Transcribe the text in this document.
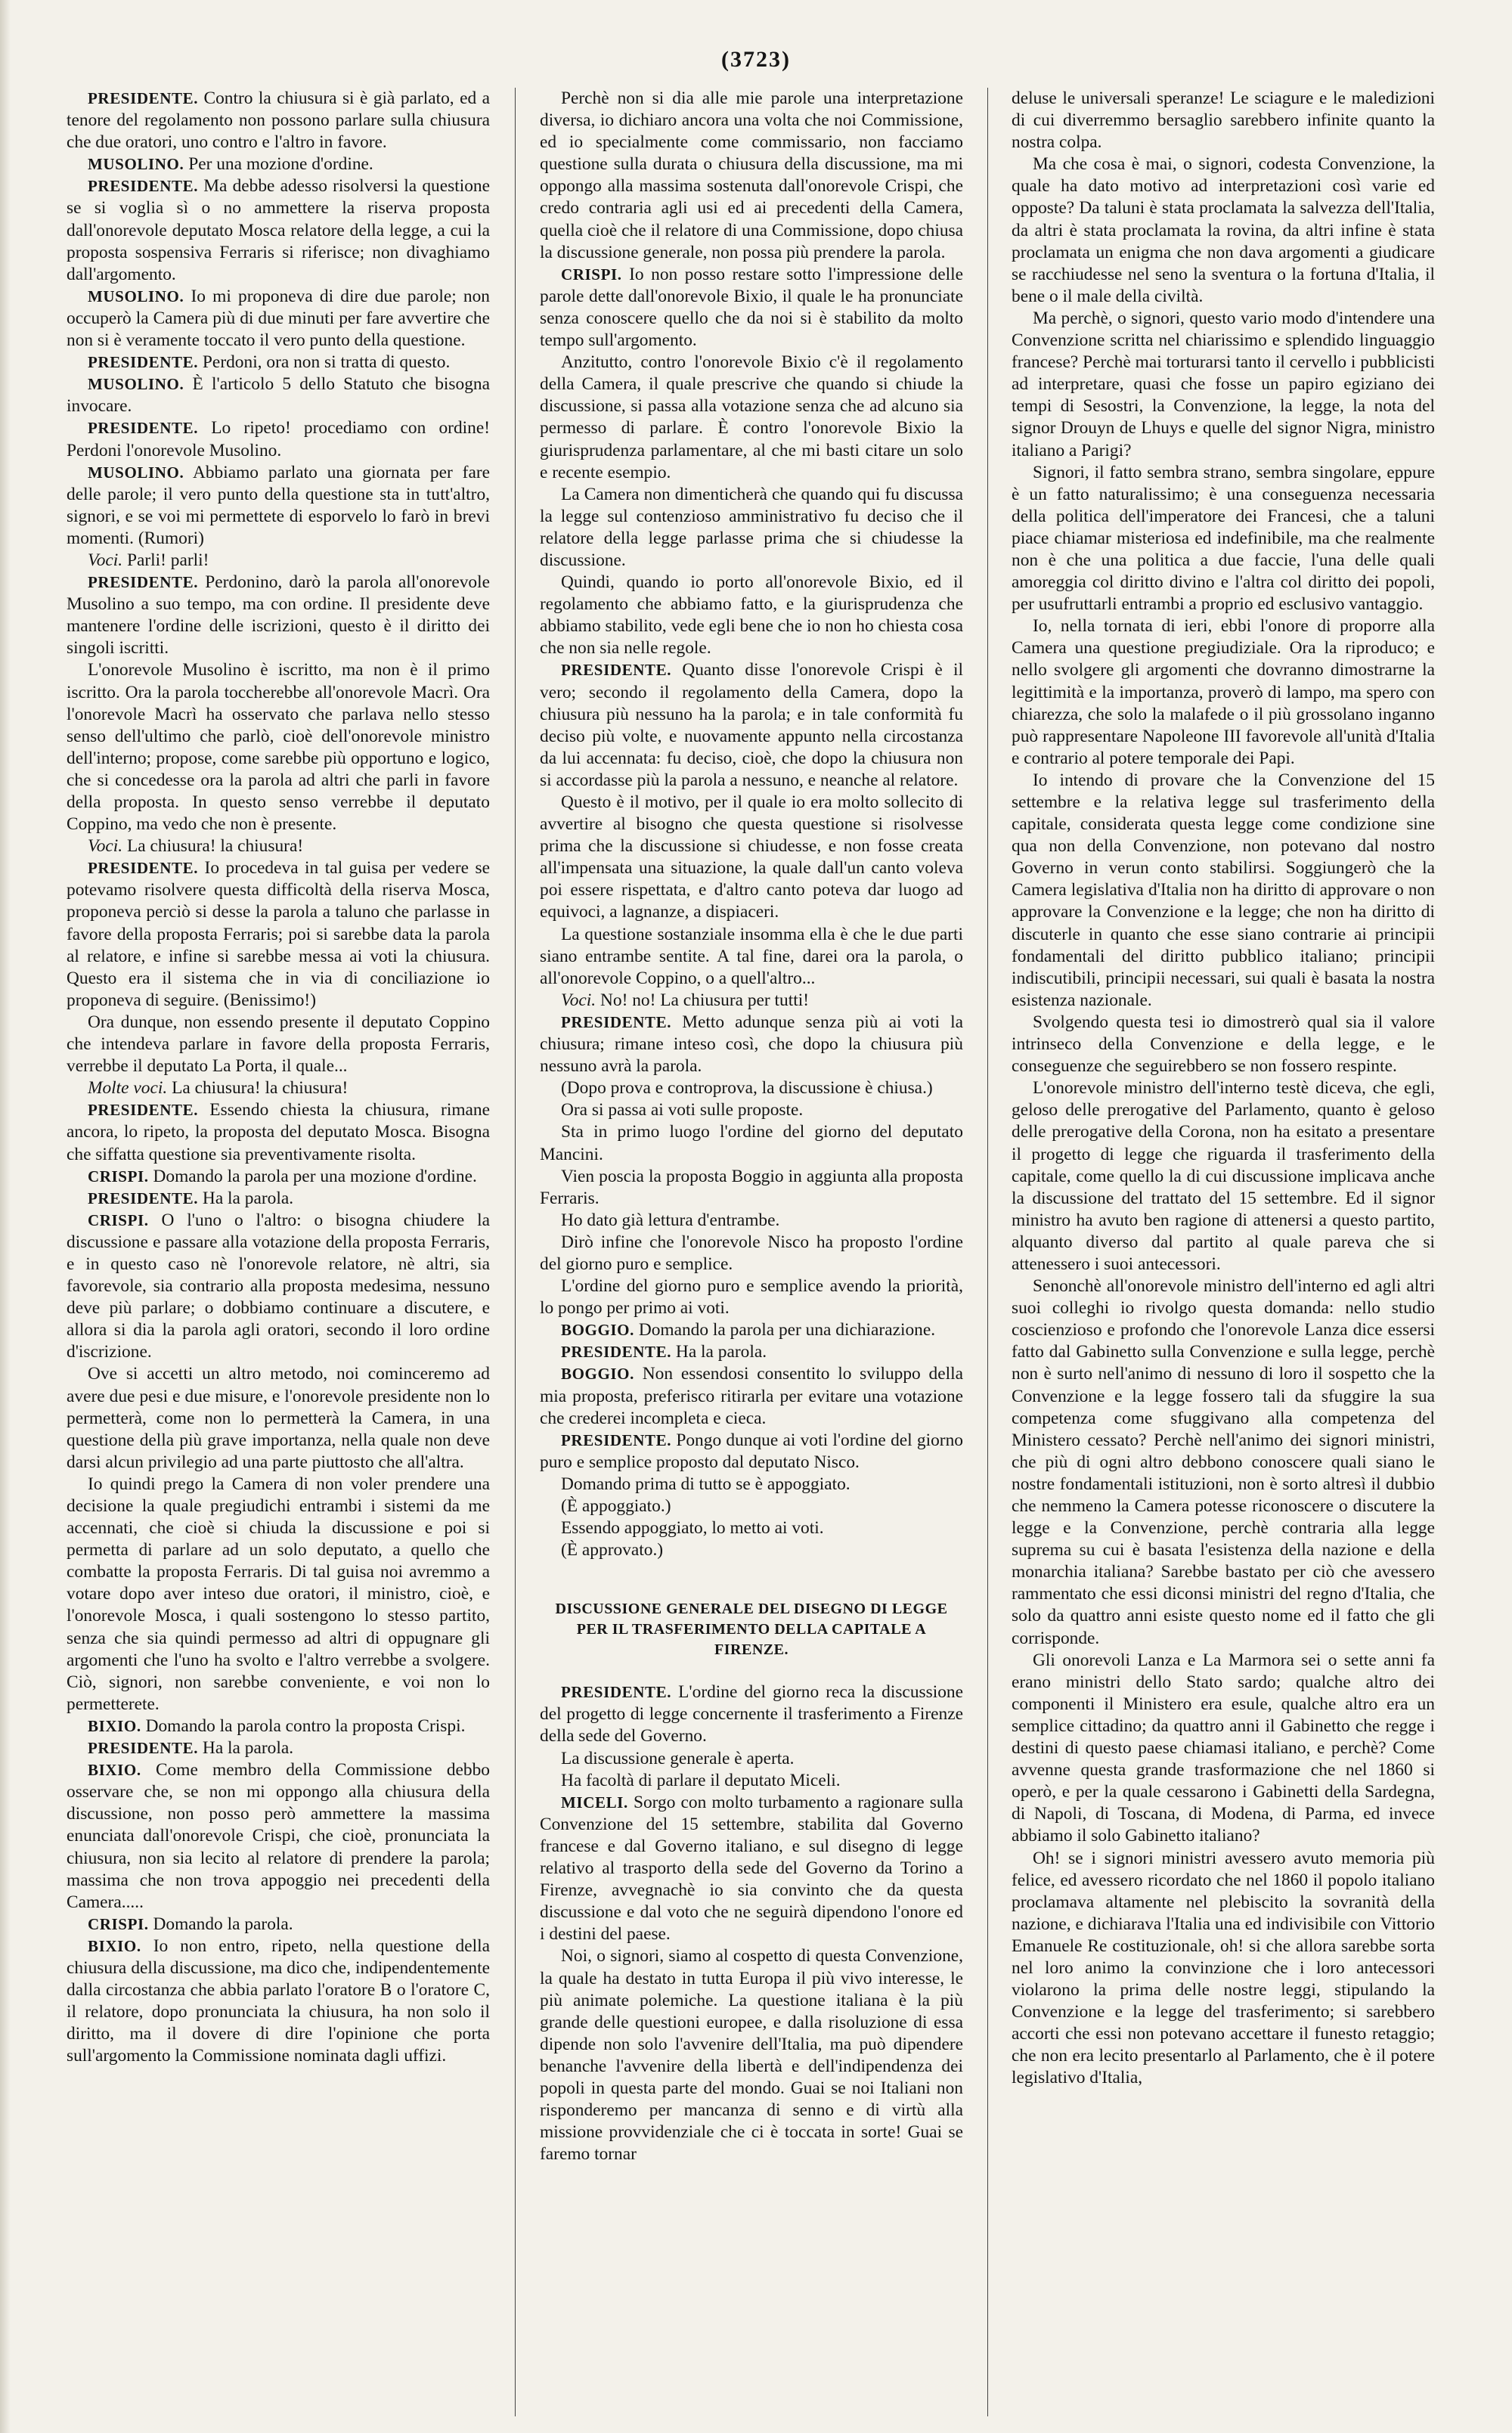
(3723)

PRESIDENTE. Contro la chiusura si è già parlato, ed a tenore del regolamento non possono parlare sulla chiusura che due oratori, uno contro e l'altro in favore.

MUSOLINO. Per una mozione d'ordine.

PRESIDENTE. Ma debbe adesso risolversi la questione se si voglia sì o no ammettere la riserva proposta dall'onorevole deputato Mosca relatore della legge, a cui la proposta sospensiva Ferraris si riferisce; non divaghiamo dall'argomento.

MUSOLINO. Io mi proponeva di dire due parole; non occuperò la Camera più di due minuti per fare avvertire che non si è veramente toccato il vero punto della questione.

PRESIDENTE. Perdoni, ora non si tratta di questo.

MUSOLINO. È l'articolo 5 dello Statuto che bisogna invocare.

PRESIDENTE. Lo ripeto! procediamo con ordine! Perdoni l'onorevole Musolino.

MUSOLINO. Abbiamo parlato una giornata per fare delle parole; il vero punto della questione sta in tutt'altro, signori, e se voi mi permettete di esporvelo lo farò in brevi momenti. (Rumori)

Voci. Parli! parli!

PRESIDENTE. Perdonino, darò la parola all'onorevole Musolino a suo tempo, ma con ordine. Il presidente deve mantenere l'ordine delle iscrizioni, questo è il diritto dei singoli iscritti.

L'onorevole Musolino è iscritto, ma non è il primo iscritto. Ora la parola toccherebbe all'onorevole Macrì. Ora l'onorevole Macrì ha osservato che parlava nello stesso senso dell'ultimo che parlò, cioè dell'onorevole ministro dell'interno; propose, come sarebbe più opportuno e logico, che si concedesse ora la parola ad altri che parli in favore della proposta. In questo senso verrebbe il deputato Coppino, ma vedo che non è presente.

Voci. La chiusura! la chiusura!

PRESIDENTE. Io procedeva in tal guisa per vedere se potevamo risolvere questa difficoltà della riserva Mosca, proponeva perciò si desse la parola a taluno che parlasse in favore della proposta Ferraris; poi si sarebbe data la parola al relatore, e infine si sarebbe messa ai voti la chiusura. Questo era il sistema che in via di conciliazione io proponeva di seguire. (Benissimo!)

Ora dunque, non essendo presente il deputato Coppino che intendeva parlare in favore della proposta Ferraris, verrebbe il deputato La Porta, il quale...

Molte voci. La chiusura! la chiusura!

PRESIDENTE. Essendo chiesta la chiusura, rimane ancora, lo ripeto, la proposta del deputato Mosca. Bisogna che siffatta questione sia preventivamente risolta.

CRISPI. Domando la parola per una mozione d'ordine.

PRESIDENTE. Ha la parola.

CRISPI. O l'uno o l'altro: o bisogna chiudere la discussione e passare alla votazione della proposta Ferraris, e in questo caso nè l'onorevole relatore, nè altri, sia favorevole, sia contrario alla proposta medesima, nessuno deve più parlare; o dobbiamo continuare a discutere, e allora si dia la parola agli oratori, secondo il loro ordine d'iscrizione.

Ove si accetti un altro metodo, noi cominceremo ad avere due pesi e due misure, e l'onorevole presidente non lo permetterà, come non lo permetterà la Camera, in una questione della più grave importanza, nella quale non deve darsi alcun privilegio ad una parte piuttosto che all'altra.

Io quindi prego la Camera di non voler prendere una decisione la quale pregiudichi entrambi i sistemi da me accennati, che cioè si chiuda la discussione e poi si permetta di parlare ad un solo deputato, a quello che combatte la proposta Ferraris. Di tal guisa noi avremmo a votare dopo aver inteso due oratori, il ministro, cioè, e l'onorevole Mosca, i quali sostengono lo stesso partito, senza che sia quindi permesso ad altri di oppugnare gli argomenti che l'uno ha svolto e l'altro verrebbe a svolgere. Ciò, signori, non sarebbe conveniente, e voi non lo permetterete.

BIXIO. Domando la parola contro la proposta Crispi.

PRESIDENTE. Ha la parola.

BIXIO. Come membro della Commissione debbo osservare che, se non mi oppongo alla chiusura della discussione, non posso però ammettere la massima enunciata dall'onorevole Crispi, che cioè, pronunciata la chiusura, non sia lecito al relatore di prendere la parola; massima che non trova appoggio nei precedenti della Camera.....

CRISPI. Domando la parola.

BIXIO. Io non entro, ripeto, nella questione della chiusura della discussione, ma dico che, indipendentemente dalla circostanza che abbia parlato l'oratore B o l'oratore C, il relatore, dopo pronunciata la chiusura, ha non solo il diritto, ma il dovere di dire l'opinione che porta sull'argomento la Commissione nominata dagli uffizi.

Perchè non si dia alle mie parole una interpretazione diversa, io dichiaro ancora una volta che noi Commissione, ed io specialmente come commissario, non facciamo questione sulla durata o chiusura della discussione, ma mi oppongo alla massima sostenuta dall'onorevole Crispi, che credo contraria agli usi ed ai precedenti della Camera, quella cioè che il relatore di una Commissione, dopo chiusa la discussione generale, non possa più prendere la parola.

CRISPI. Io non posso restare sotto l'impressione delle parole dette dall'onorevole Bixio, il quale le ha pronunciate senza conoscere quello che da noi si è stabilito da molto tempo sull'argomento.

Anzitutto, contro l'onorevole Bixio c'è il regolamento della Camera, il quale prescrive che quando si chiude la discussione, si passa alla votazione senza che ad alcuno sia permesso di parlare. È contro l'onorevole Bixio la giurisprudenza parlamentare, al che mi basti citare un solo e recente esempio.

La Camera non dimenticherà che quando qui fu discussa la legge sul contenzioso amministrativo fu deciso che il relatore della legge parlasse prima che si chiudesse la discussione.

Quindi, quando io porto all'onorevole Bixio, ed il regolamento che abbiamo fatto, e la giurisprudenza che abbiamo stabilito, vede egli bene che io non ho chiesta cosa che non sia nelle regole.

PRESIDENTE. Quanto disse l'onorevole Crispi è il vero; secondo il regolamento della Camera, dopo la chiusura più nessuno ha la parola; e in tale conformità fu deciso più volte, e nuovamente appunto nella circostanza da lui accennata: fu deciso, cioè, che dopo la chiusura non si accordasse più la parola a nessuno, e neanche al relatore.

Questo è il motivo, per il quale io era molto sollecito di avvertire al bisogno che questa questione si risolvesse prima che la discussione si chiudesse, e non fosse creata all'impensata una situazione, la quale dall'un canto voleva poi essere rispettata, e d'altro canto poteva dar luogo ad equivoci, a lagnanze, a dispiaceri.

La questione sostanziale insomma ella è che le due parti siano entrambe sentite. A tal fine, darei ora la parola, o all'onorevole Coppino, o a quell'altro...

Voci. No! no! La chiusura per tutti!

PRESIDENTE. Metto adunque senza più ai voti la chiusura; rimane inteso così, che dopo la chiusura più nessuno avrà la parola.

(Dopo prova e controprova, la discussione è chiusa.)

Ora si passa ai voti sulle proposte.

Sta in primo luogo l'ordine del giorno del deputato Mancini.

Vien poscia la proposta Boggio in aggiunta alla proposta Ferraris.

Ho dato già lettura d'entrambe.

Dirò infine che l'onorevole Nisco ha proposto l'ordine del giorno puro e semplice.

L'ordine del giorno puro e semplice avendo la priorità, lo pongo per primo ai voti.

BOGGIO. Domando la parola per una dichiarazione.

PRESIDENTE. Ha la parola.

BOGGIO. Non essendosi consentito lo sviluppo della mia proposta, preferisco ritirarla per evitare una votazione che crederei incompleta e cieca.

PRESIDENTE. Pongo dunque ai voti l'ordine del giorno puro e semplice proposto dal deputato Nisco.

Domando prima di tutto se è appoggiato.

(È appoggiato.)

Essendo appoggiato, lo metto ai voti.

(È approvato.)

DISCUSSIONE GENERALE DEL DISEGNO DI LEGGE PER IL TRASFERIMENTO DELLA CAPITALE A FIRENZE.

PRESIDENTE. L'ordine del giorno reca la discussione del progetto di legge concernente il trasferimento a Firenze della sede del Governo.

La discussione generale è aperta.

Ha facoltà di parlare il deputato Miceli.

MICELI. Sorgo con molto turbamento a ragionare sulla Convenzione del 15 settembre, stabilita dal Governo francese e dal Governo italiano, e sul disegno di legge relativo al trasporto della sede del Governo da Torino a Firenze, avvegnachè io sia convinto che da questa discussione e dal voto che ne seguirà dipendono l'onore ed i destini del paese.

Noi, o signori, siamo al cospetto di questa Convenzione, la quale ha destato in tutta Europa il più vivo interesse, le più animate polemiche. La questione italiana è la più grande delle questioni europee, e dalla risoluzione di essa dipende non solo l'avvenire dell'Italia, ma può dipendere benanche l'avvenire della libertà e dell'indipendenza dei popoli in questa parte del mondo. Guai se noi Italiani non risponderemo per mancanza di senno e di virtù alla missione provvidenziale che ci è toccata in sorte! Guai se faremo tornar

deluse le universali speranze! Le sciagure e le maledizioni di cui diverremmo bersaglio sarebbero infinite quanto la nostra colpa.

Ma che cosa è mai, o signori, codesta Convenzione, la quale ha dato motivo ad interpretazioni così varie ed opposte? Da taluni è stata proclamata la salvezza dell'Italia, da altri è stata proclamata la rovina, da altri infine è stata proclamata un enigma che non dava argomenti a giudicare se racchiudesse nel seno la sventura o la fortuna d'Italia, il bene o il male della civiltà.

Ma perchè, o signori, questo vario modo d'intendere una Convenzione scritta nel chiarissimo e splendido linguaggio francese? Perchè mai torturarsi tanto il cervello i pubblicisti ad interpretare, quasi che fosse un papiro egiziano dei tempi di Sesostri, la Convenzione, la legge, la nota del signor Drouyn de Lhuys e quelle del signor Nigra, ministro italiano a Parigi?

Signori, il fatto sembra strano, sembra singolare, eppure è un fatto naturalissimo; è una conseguenza necessaria della politica dell'imperatore dei Francesi, che a taluni piace chiamar misteriosa ed indefinibile, ma che realmente non è che una politica a due faccie, l'una delle quali amoreggia col diritto divino e l'altra col diritto dei popoli, per usufruttarli entrambi a proprio ed esclusivo vantaggio.

Io, nella tornata di ieri, ebbi l'onore di proporre alla Camera una questione pregiudiziale. Ora la riproduco; e nello svolgere gli argomenti che dovranno dimostrarne la legittimità e la importanza, proverò di lampo, ma spero con chiarezza, che solo la malafede o il più grossolano inganno può rappresentare Napoleone III favorevole all'unità d'Italia e contrario al potere temporale dei Papi.

Io intendo di provare che la Convenzione del 15 settembre e la relativa legge sul trasferimento della capitale, considerata questa legge come condizione sine qua non della Convenzione, non potevano dal nostro Governo in verun conto stabilirsi. Soggiungerò che la Camera legislativa d'Italia non ha diritto di approvare o non approvare la Convenzione e la legge; che non ha diritto di discuterle in quanto che esse siano contrarie ai principii fondamentali del diritto pubblico italiano; principii indiscutibili, principii necessari, sui quali è basata la nostra esistenza nazionale.

Svolgendo questa tesi io dimostrerò qual sia il valore intrinseco della Convenzione e della legge, e le conseguenze che seguirebbero se non fossero respinte.

L'onorevole ministro dell'interno testè diceva, che egli, geloso delle prerogative del Parlamento, quanto è geloso delle prerogative della Corona, non ha esitato a presentare il progetto di legge che riguarda il trasferimento della capitale, come quello la di cui discussione implicava anche la discussione del trattato del 15 settembre. Ed il signor ministro ha avuto ben ragione di attenersi a questo partito, alquanto diverso dal partito al quale pareva che si attenessero i suoi antecessori.

Senonchè all'onorevole ministro dell'interno ed agli altri suoi colleghi io rivolgo questa domanda: nello studio coscienzioso e profondo che l'onorevole Lanza dice essersi fatto dal Gabinetto sulla Convenzione e sulla legge, perchè non è surto nell'animo di nessuno di loro il sospetto che la Convenzione e la legge fossero tali da sfuggire la sua competenza come sfuggivano alla competenza del Ministero cessato? Perchè nell'animo dei signori ministri, che più di ogni altro debbono conoscere quali siano le nostre fondamentali istituzioni, non è sorto altresì il dubbio che nemmeno la Camera potesse riconoscere o discutere la legge e la Convenzione, perchè contraria alla legge suprema su cui è basata l'esistenza della nazione e della monarchia italiana? Sarebbe bastato per ciò che avessero rammentato che essi diconsi ministri del regno d'Italia, che solo da quattro anni esiste questo nome ed il fatto che gli corrisponde.

Gli onorevoli Lanza e La Marmora sei o sette anni fa erano ministri dello Stato sardo; qualche altro dei componenti il Ministero era esule, qualche altro era un semplice cittadino; da quattro anni il Gabinetto che regge i destini di questo paese chiamasi italiano, e perchè? Come avvenne questa grande trasformazione che nel 1860 si operò, e per la quale cessarono i Gabinetti della Sardegna, di Napoli, di Toscana, di Modena, di Parma, ed invece abbiamo il solo Gabinetto italiano?

Oh! se i signori ministri avessero avuto memoria più felice, ed avessero ricordato che nel 1860 il popolo italiano proclamava altamente nel plebiscito la sovranità della nazione, e dichiarava l'Italia una ed indivisibile con Vittorio Emanuele Re costituzionale, oh! si che allora sarebbe sorta nel loro animo la convinzione che i loro antecessori violarono la prima delle nostre leggi, stipulando la Convenzione e la legge del trasferimento; si sarebbero accorti che essi non potevano accettare il funesto retaggio; che non era lecito presentarlo al Parlamento, che è il potere legislativo d'Italia,
